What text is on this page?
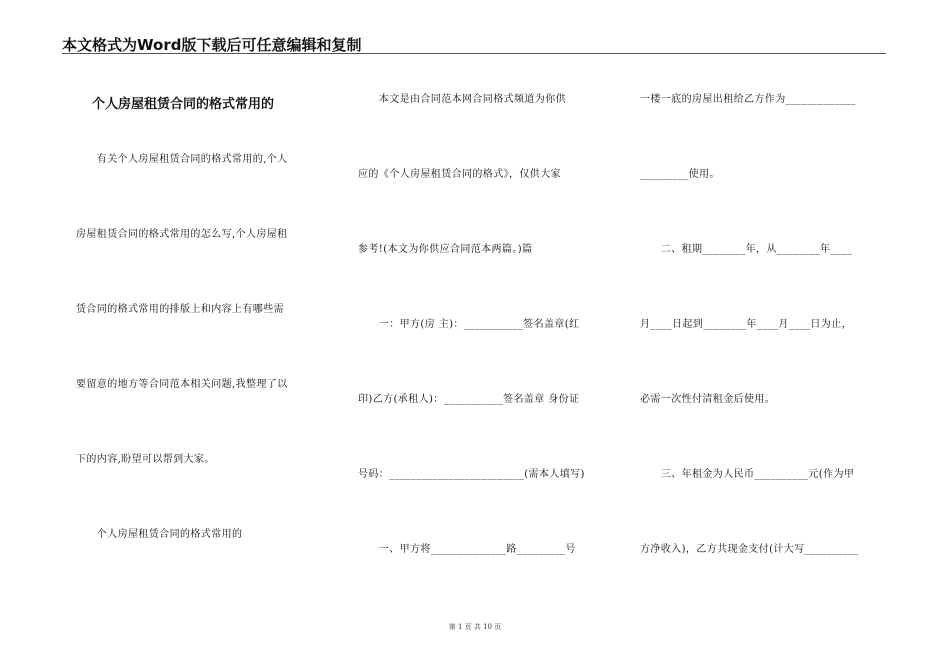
本文格式为Word版下载后可任意编辑和复制
个人房屋租赁合同的格式常用的
　　有关个人房屋租赁合同的格式常用的,个人
房屋租赁合同的格式常用的怎么写,个人房屋租
赁合同的格式常用的排版上和内容上有哪些需
要留意的地方等合同范本相关问题,我整理了以
下的内容,盼望可以帮到大家。
　　个人房屋租赁合同的格式常用的
　　本文是由合同范本网合同格式频道为你供
应的《个人房屋租赁合同的格式》，仅供大家
参考!(本文为你供应合同范本两篇。)篇
　　一：甲方(房 主)：___________签名盖章(红
印)乙方(承租人)：___________签名盖章 身份证
号码：_________________________(需本人填写)
　　一、甲方将______________路_________号
一楼一底的房屋出租给乙方作为_____________
_________使用。
　　二、租期________年，从________年____
月____日起到________年____月____日为止，
必需一次性付清租金后使用。
　　三、年租金为人民币__________元(作为甲
方净收入)，乙方共现金支付(计大写__________
第 1 页 共 10 页
